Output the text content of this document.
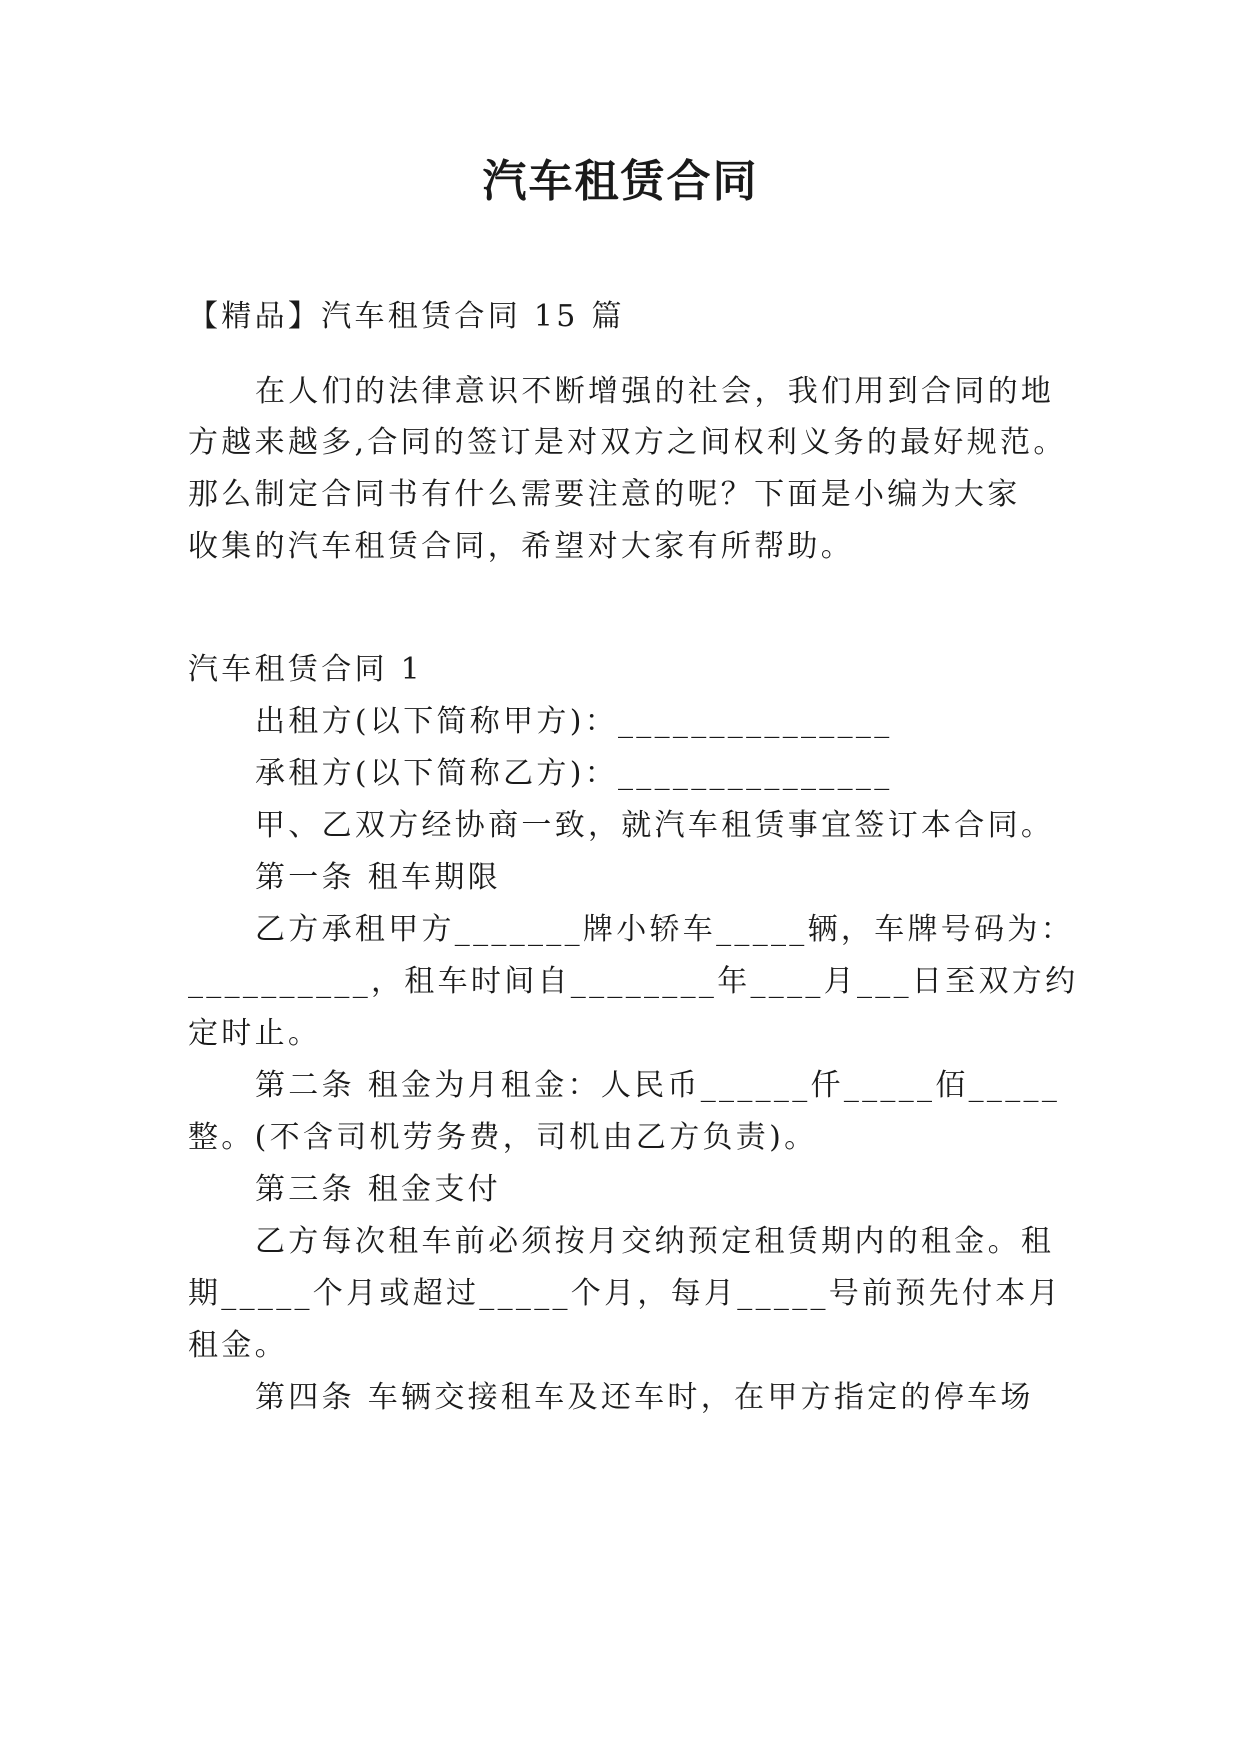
汽车租赁合同
【精品】汽车租赁合同 15 篇
在人们的法律意识不断增强的社会，我们用到合同的地
方越来越多,合同的签订是对双方之间权利义务的最好规范。
那么制定合同书有什么需要注意的呢？下面是小编为大家
收集的汽车租赁合同，希望对大家有所帮助。
汽车租赁合同 1
出租方(以下简称甲方)：_______________
承租方(以下简称乙方)：_______________
甲、乙双方经协商一致，就汽车租赁事宜签订本合同。
第一条 租车期限
乙方承租甲方_______牌小轿车_____辆，车牌号码为：
__________，租车时间自________年____月___日至双方约
定时止。
第二条 租金为月租金：人民币______仟_____佰_____
整。(不含司机劳务费，司机由乙方负责)。
第三条 租金支付
乙方每次租车前必须按月交纳预定租赁期内的租金。租
期_____个月或超过_____个月，每月_____号前预先付本月
租金。
第四条 车辆交接租车及还车时，在甲方指定的停车场
